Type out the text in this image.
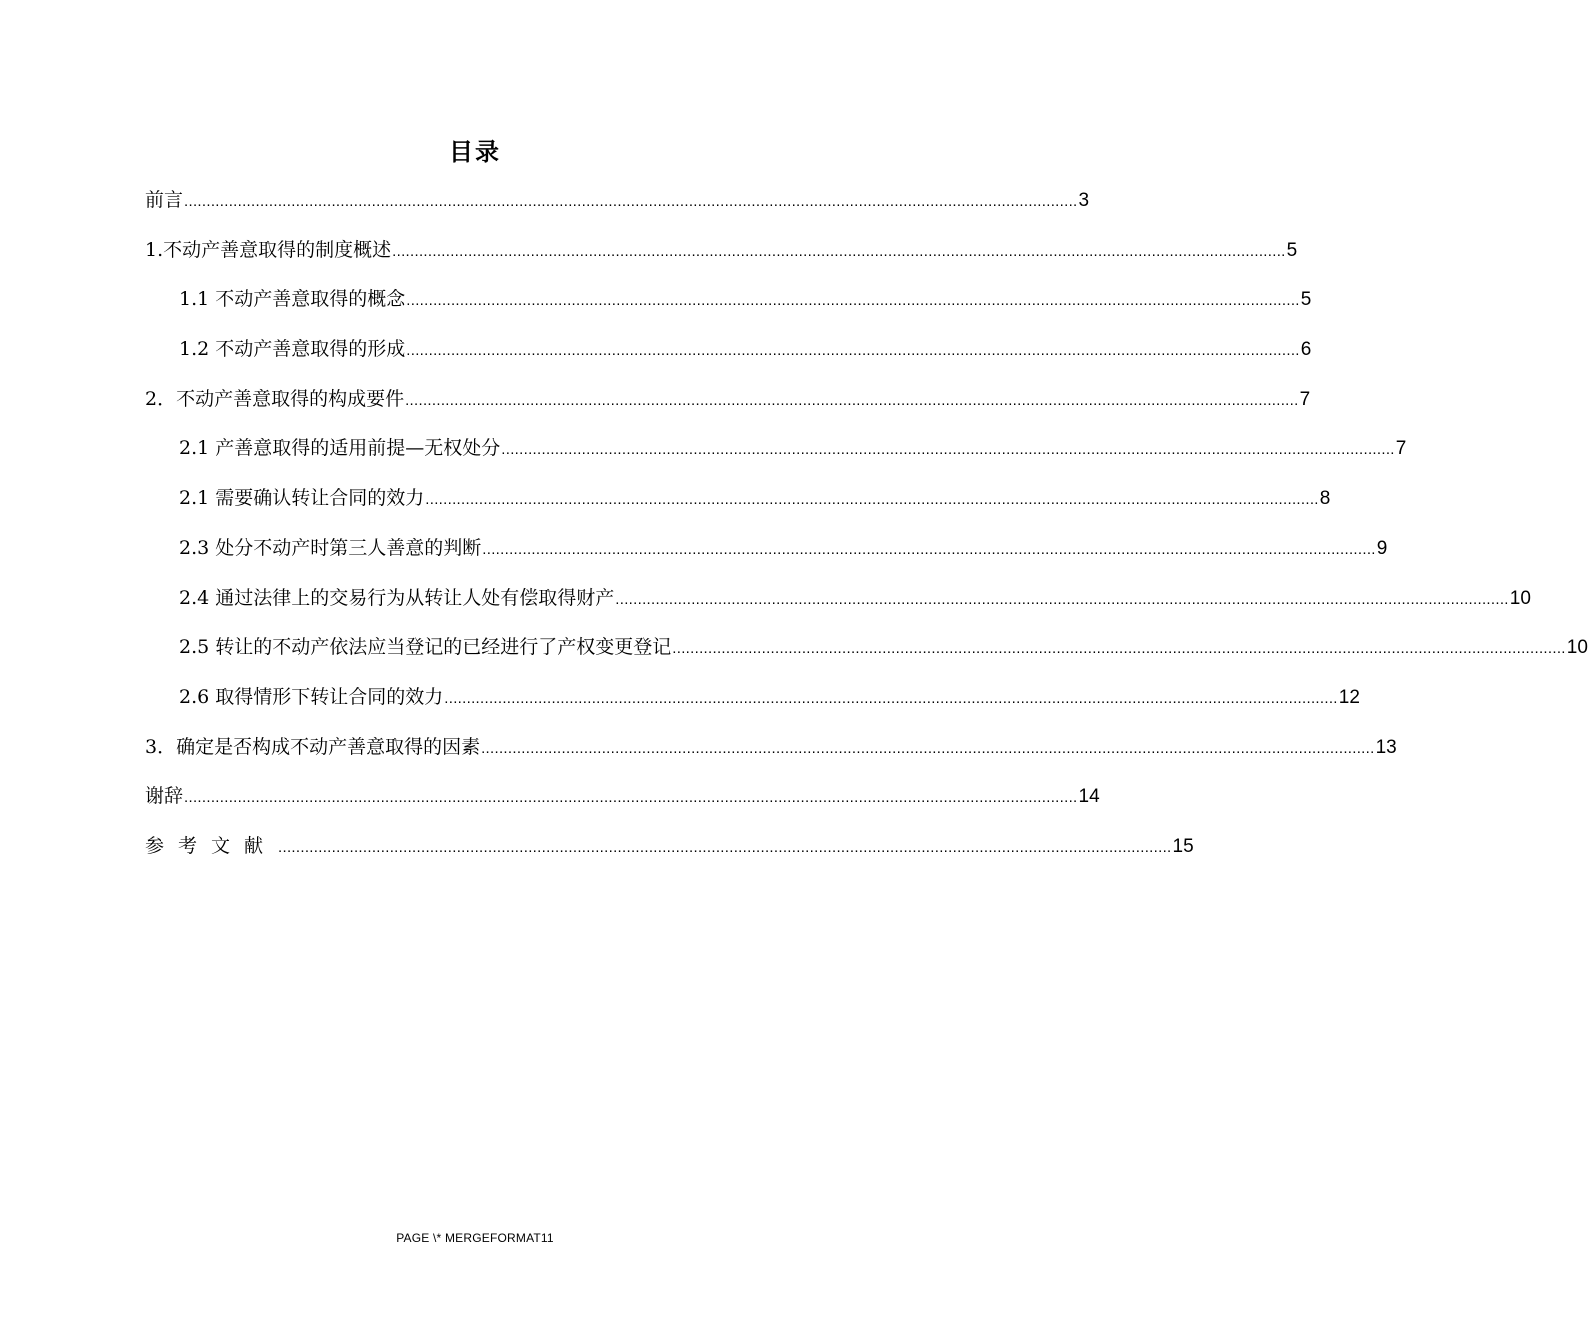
目录
前言 ........................................................................................................................................................................................................ 3
1.不动产善意取得的制度概述 ........................................................................................................................................................................................................ 5
1.1 不动产善意取得的概念 ........................................................................................................................................................................................................ 5
1.2 不动产善意取得的形成 ........................................................................................................................................................................................................ 6
2．不动产善意取得的构成要件 ........................................................................................................................................................................................................ 7
2.1 产善意取得的适用前提—无权处分 ........................................................................................................................................................................................................ 7
2.1 需要确认转让合同的效力 ........................................................................................................................................................................................................ 8
2.3 处分不动产时第三人善意的判断 ........................................................................................................................................................................................................ 9
2.4 通过法律上的交易行为从转让人处有偿取得财产 ........................................................................................................................................................................................................ 10
2.5 转让的不动产依法应当登记的已经进行了产权变更登记 ........................................................................................................................................................................................................ 10
2.6 取得情形下转让合同的效力 ........................................................................................................................................................................................................ 12
3．确定是否构成不动产善意取得的因素 ........................................................................................................................................................................................................ 13
谢辞 ........................................................................................................................................................................................................ 14
参考文献 ........................................................................................................................................................................................................ 15
PAGE \* MERGEFORMAT11
